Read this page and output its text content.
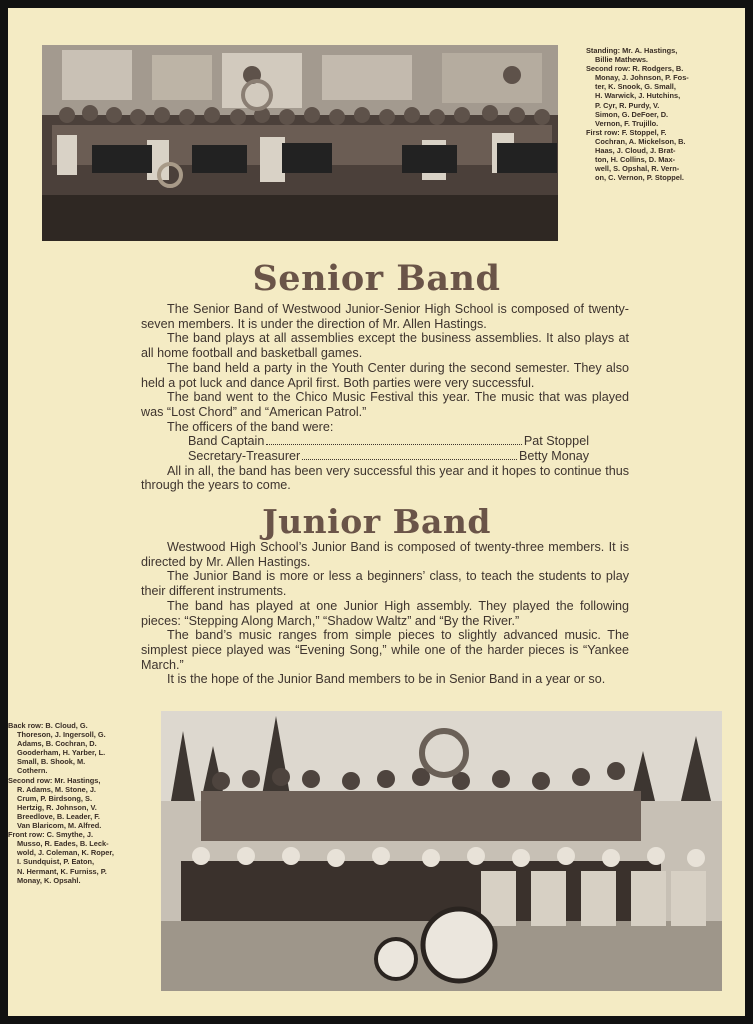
Standing: Mr. A. Hastings,

Billie Mathews.

Second row: R. Rodgers, B.

Monay, J. Johnson, P. Fos-

ter, K. Snook, G. Small,

H. Warwick, J. Hutchins,

P. Cyr, R. Purdy, V.

Simon, G. DeFoer, D.

Vernon, F. Trujillo.

First row: F. Stoppel, F.

Cochran, A. Mickelson, B.

Haas, J. Cloud, J. Brat-

ton, H. Collins, D. Max-

well, S. Opshal, R. Vern-

on, C. Vernon, P. Stoppel.

Senior Band

The Senior Band of Westwood Junior-Senior High School is composed of twenty-seven members. It is under the direction of Mr. Allen Hastings.

The band plays at all assemblies except the business assemblies. It also plays at all home football and basketball games.

The band held a party in the Youth Center during the second semester. They also held a pot luck and dance April first. Both parties were very successful.

The band went to the Chico Music Festival this year. The music that was played was “Lost Chord” and “American Patrol.”

The officers of the band were:

Band Captain	Pat Stoppel
Secretary-Treasurer	Betty Monay

All in all, the band has been very successful this year and it hopes to continue thus through the years to come.

Junior Band

Westwood High School’s Junior Band is composed of twenty-three members. It is directed by Mr. Allen Hastings.

The Junior Band is more or less a beginners’ class, to teach the students to play their different instruments.

The band has played at one Junior High assembly. They played the following pieces: “Stepping Along March,” “Shadow Waltz” and “By the River.”

The band’s music ranges from simple pieces to slightly advanced music. The simplest piece played was “Evening Song,” while one of the harder pieces is “Yankee March.”

It is the hope of the Junior Band members to be in Senior Band in a year or so.

Back row: B. Cloud, G.

Thoreson, J. Ingersoll, G.

Adams, B. Cochran, D.

Gooderham, H. Yarber, L.

Small, B. Shook, M.

Cothern.

Second row: Mr. Hastings,

R. Adams, M. Stone, J.

Crum, P. Birdsong, S.

Hertzig, R. Johnson, V.

Breedlove, B. Leader, F.

Van Blaricom, M. Alfred.

Front row: C. Smythe, J.

Musso, R. Eades, B. Leck-

wold, J. Coleman, K. Roper,

I. Sundquist, P. Eaton,

N. Hermant, K. Furniss, P.

Monay, K. Opsahl.
